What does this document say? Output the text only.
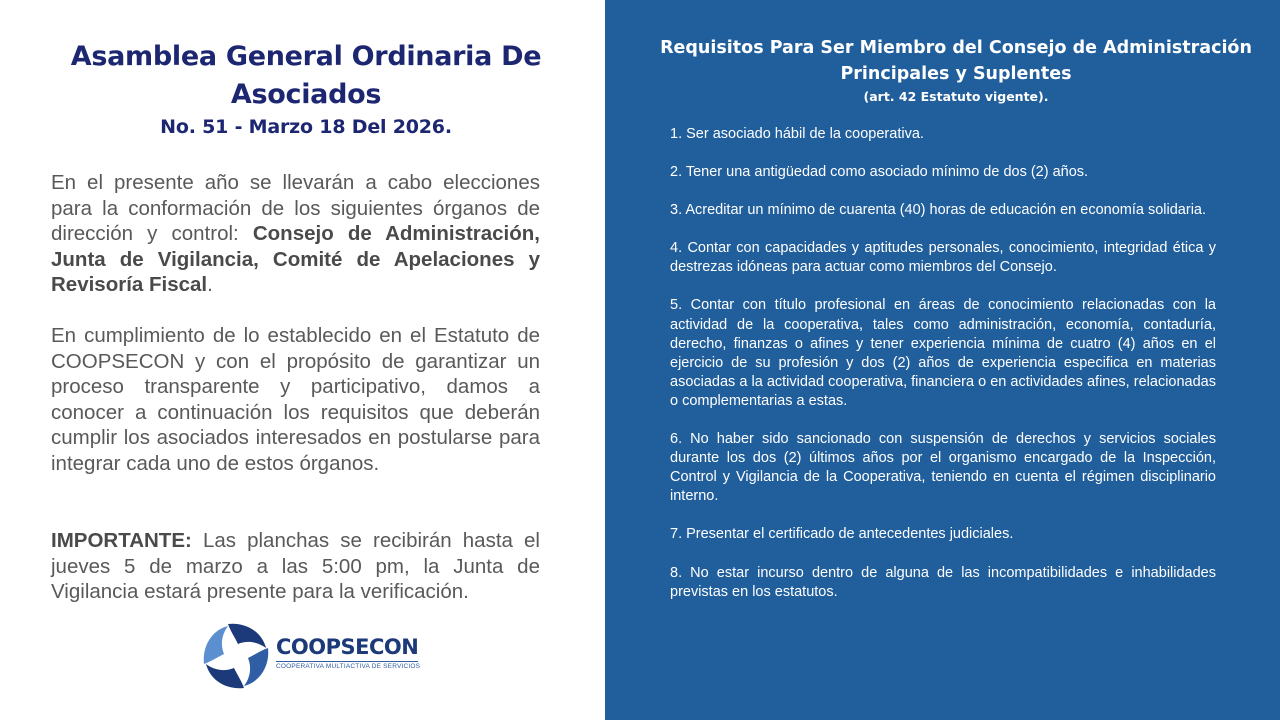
Asamblea General Ordinaria De Asociados
No. 51 - Marzo 18 Del 2026.

En el presente año se llevarán a cabo elecciones para la conformación de los siguientes órganos de dirección y control: Consejo de Administración, Junta de Vigilancia, Comité de Apelaciones y Revisoría Fiscal.

En cumplimiento de lo establecido en el Estatuto de COOPSECON y con el propósito de garantizar un proceso transparente y participativo, damos a conocer a continuación los requisitos que deberán cumplir los asociados interesados en postularse para integrar cada uno de estos órganos.

IMPORTANTE: Las planchas se recibirán hasta el jueves 5 de marzo a las 5:00 pm, la Junta de Vigilancia estará presente para la verificación.

COOPSECON
COOPERATIVA MULTIACTIVA DE SERVICIOS
Requisitos Para Ser Miembro del Consejo de Administración Principales y Suplentes
(art. 42 Estatuto vigente).
1. Ser asociado hábil de la cooperativa.
2. Tener una antigüedad como asociado mínimo de dos (2) años.
3. Acreditar un mínimo de cuarenta (40) horas de educación en economía solidaria.
4. Contar con capacidades y aptitudes personales, conocimiento, integridad ética y destrezas idóneas para actuar como miembros del Consejo.
5. Contar con título profesional en áreas de conocimiento relacionadas con la actividad de la cooperativa, tales como administración, economía, contaduría, derecho, finanzas o afines y tener experiencia mínima de cuatro (4) años en el ejercicio de su profesión y dos (2) años de experiencia especifica en materias asociadas a la actividad cooperativa, financiera o en actividades afines, relacionadas o complementarias a estas.
6. No haber sido sancionado con suspensión de derechos y servicios sociales durante los dos (2) últimos años por el organismo encargado de la Inspección, Control y Vigilancia de la Cooperativa, teniendo en cuenta el régimen disciplinario interno.
7. Presentar el certificado de antecedentes judiciales.
8. No estar incurso dentro de alguna de las incompatibilidades e inhabilidades previstas en los estatutos.
